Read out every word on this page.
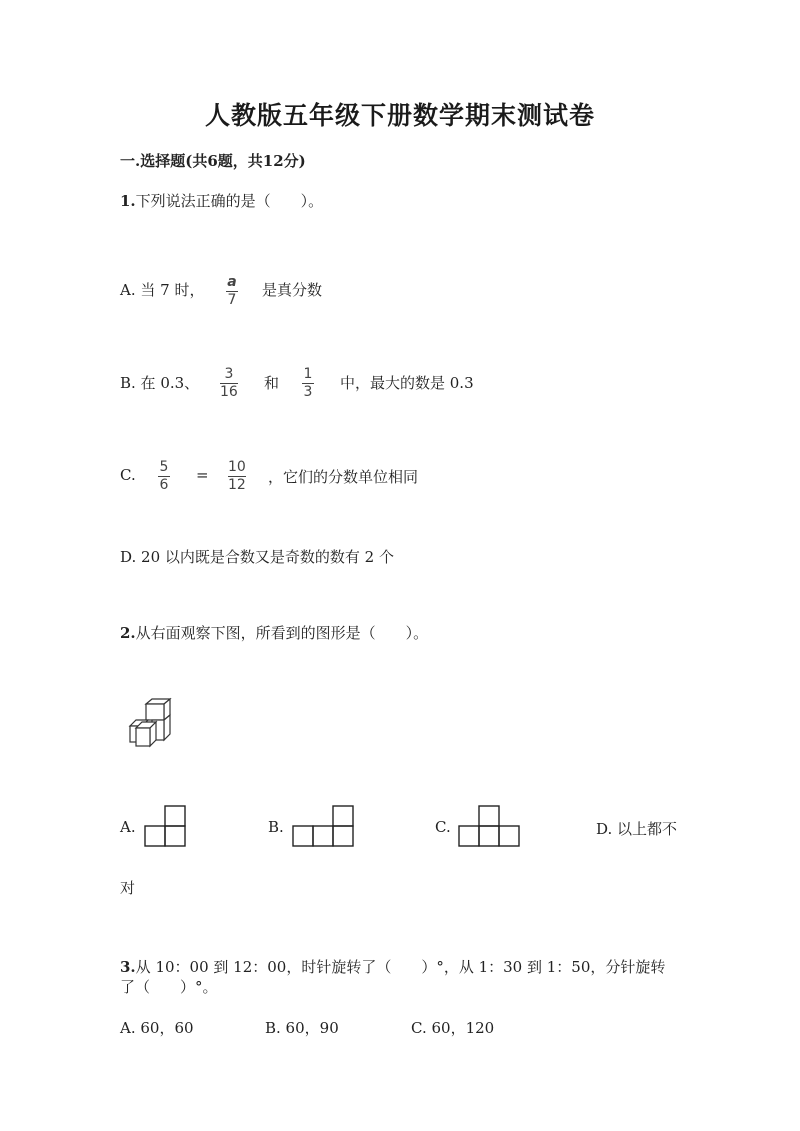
人教版五年级下册数学期末测试卷
一.选择题(共6题，共12分)
1.下列说法正确的是（　　）。
A. 当 7 时， a
7
是真分数
B. 在 0.3、 3
16 和 1
3 中，最大的数是 0.3
C. 5
6
= 10
12 ，它们的分数单位相同
D. 20 以内既是合数又是奇数的数有 2 个
2.从右面观察下图，所看到的图形是（　　）。
A.	B.	C.	D. 以上都不
对
3.从 10：00 到 12：00，时针旋转了（　　）°，从 1：30 到 1：50，分针旋转
了（　　）°。
A. 60，60	B. 60，90	C. 60，120
